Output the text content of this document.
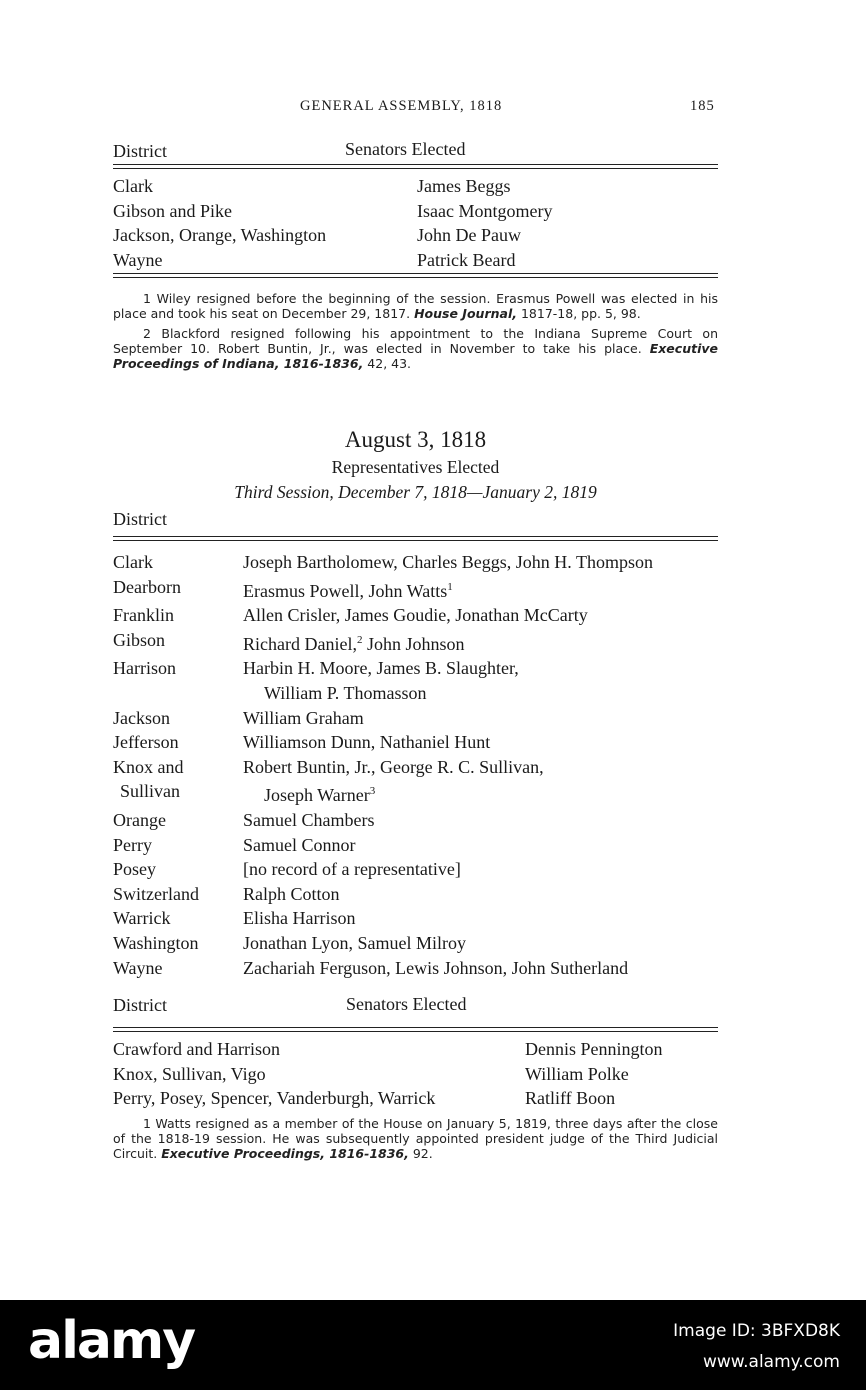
GENERAL ASSEMBLY, 1818	185
District	Senators Elected
Clark	James Beggs
Gibson and Pike	Isaac Montgomery
Jackson, Orange, Washington	John De Pauw
Wayne	Patrick Beard
1 Wiley resigned before the beginning of the session. Erasmus Powell was elected in his place and took his seat on December 29, 1817. House Journal, 1817-18, pp. 5, 98.
2 Blackford resigned following his appointment to the Indiana Supreme Court on September 10. Robert Buntin, Jr., was elected in November to take his place. Executive Proceedings of Indiana, 1816-1836, 42, 43.
August 3, 1818
Representatives Elected
Third Session, December 7, 1818—January 2, 1819
District
Clark	Joseph Bartholomew, Charles Beggs, John H. Thompson
Dearborn	Erasmus Powell, John Watts$^1$
Franklin	Allen Crisler, James Goudie, Jonathan McCarty
Gibson	Richard Daniel,$^2$ John Johnson
Harrison	Harbin H. Moore, James B. Slaughter,
	William P. Thomasson
Jackson	William Graham
Jefferson	Williamson Dunn, Nathaniel Hunt
Knox and	Robert Buntin, Jr., George R. C. Sullivan,
Sullivan	Joseph Warner$^3$
Orange	Samuel Chambers
Perry	Samuel Connor
Posey	[no record of a representative]
Switzerland	Ralph Cotton
Warrick	Elisha Harrison
Washington	Jonathan Lyon, Samuel Milroy
Wayne	Zachariah Ferguson, Lewis Johnson, John Sutherland
District	Senators Elected
Crawford and Harrison	Dennis Pennington
Knox, Sullivan, Vigo	William Polke
Perry, Posey, Spencer, Vanderburgh, Warrick	Ratliff Boon
1 Watts resigned as a member of the House on January 5, 1819, three days after the close of the 1818-19 session. He was subsequently appointed president judge of the Third Judicial Circuit. Executive Proceedings, 1816-1836, 92.
alamy	Image ID: 3BFXD8K
www.alamy.com
